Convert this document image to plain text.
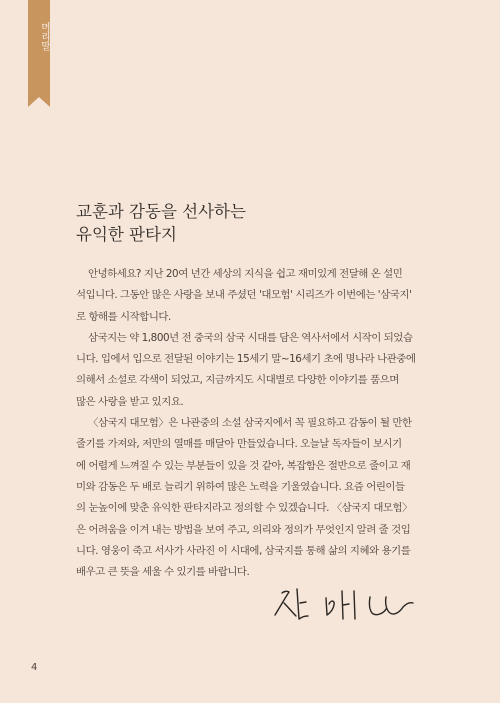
머리말
교훈과 감동을 선사하는
유익한 판타지
안녕하세요? 지난 20여 년간 세상의 지식을 쉽고 재미있게 전달해 온 설민
석입니다. 그동안 많은 사랑을 보내 주셨던 '대모험' 시리즈가 이번에는 '삼국지'
로 항해를 시작합니다.
삼국지는 약 1,800년 전 중국의 삼국 시대를 담은 역사서에서 시작이 되었습
니다. 입에서 입으로 전달된 이야기는 15세기 말~16세기 초에 명나라 나관중에
의해서 소설로 각색이 되었고, 지금까지도 시대별로 다양한 이야기를 품으며
많은 사랑을 받고 있지요.
〈삼국지 대모험〉은 나관중의 소설 삼국지에서 꼭 필요하고 감동이 될 만한
줄기를 가져와, 저만의 열매를 매달아 만들었습니다. 오늘날 독자들이 보시기
에 어렵게 느껴질 수 있는 부분들이 있을 것 같아, 복잡함은 절반으로 줄이고 재
미와 감동은 두 배로 늘리기 위하여 많은 노력을 기울였습니다. 요즘 어린이들
의 눈높이에 맞춘 유익한 판타지라고 정의할 수 있겠습니다. 〈삼국지 대모험〉
은 어려움을 이겨 내는 방법을 보여 주고, 의리와 정의가 무엇인지 알려 줄 것입
니다. 영웅이 죽고 서사가 사라진 이 시대에, 삼국지를 통해 삶의 지혜와 용기를
배우고 큰 뜻을 세울 수 있기를 바랍니다.
4
